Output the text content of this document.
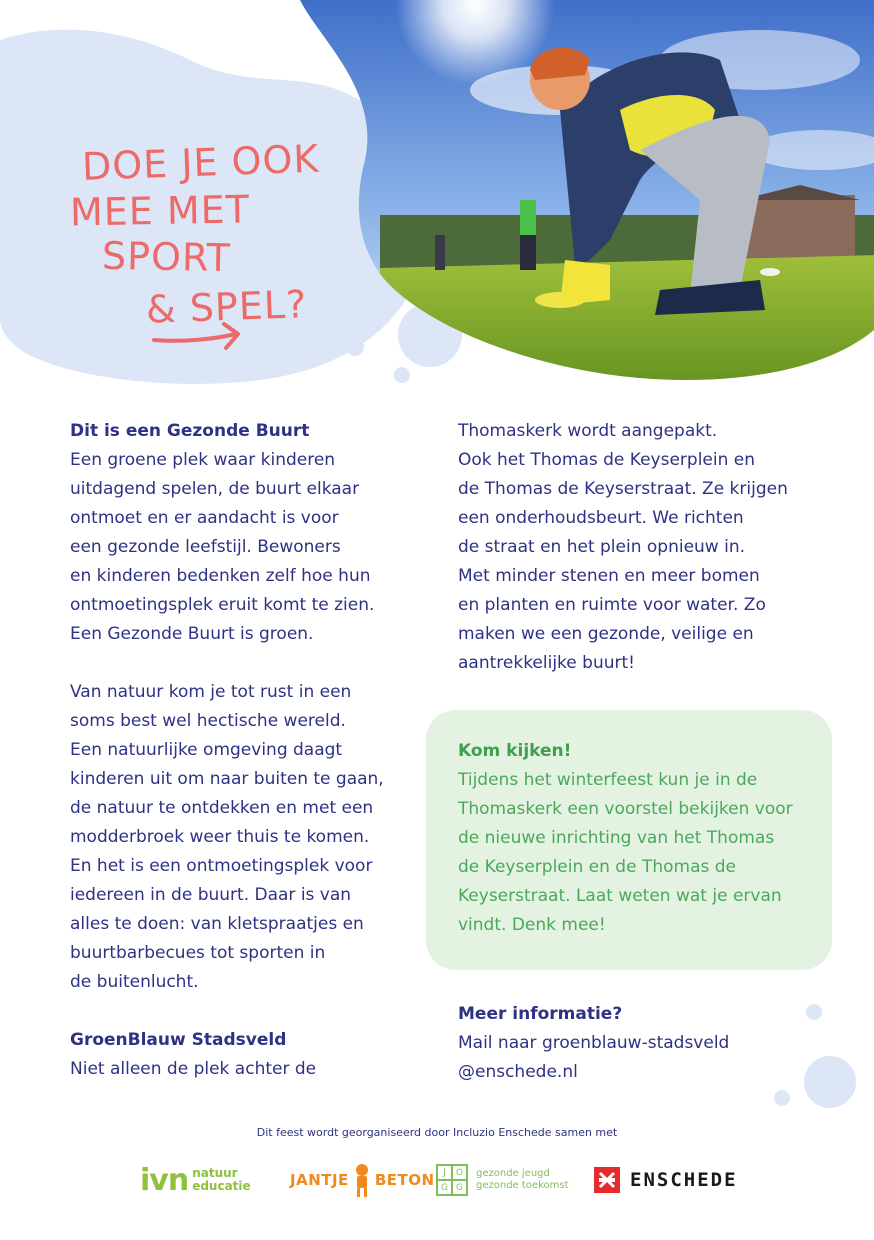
DOE JE OOK
MEE MET
SPORT
& SPEL?
Dit is een Gezonde Buurt

Een groene plek waar kinderen

uitdagend spelen, de buurt elkaar

ontmoet en er aandacht is voor

een gezonde leefstijl. Bewoners

en kinderen bedenken zelf hoe hun

ontmoetingsplek eruit komt te zien.

Een Gezonde Buurt is groen.

Van natuur kom je tot rust in een

soms best wel hectische wereld.

Een natuurlijke omgeving daagt

kinderen uit om naar buiten te gaan,

de natuur te ontdekken en met een

modderbroek weer thuis te komen.

En het is een ontmoetingsplek voor

iedereen in de buurt. Daar is van

alles te doen: van kletspraatjes en

buurtbarbecues tot sporten in

de buitenlucht.

GroenBlauw Stadsveld

Niet alleen de plek achter de

Thomaskerk wordt aangepakt.

Ook het Thomas de Keyserplein en

de Thomas de Keyserstraat. Ze krijgen

een onderhoudsbeurt. We richten

de straat en het plein opnieuw in.

Met minder stenen en meer bomen

en planten en ruimte voor water. Zo

maken we een gezonde, veilige en

aantrekkelijke buurt!

Kom kijken!

Tijdens het winterfeest kun je in de

Thomaskerk een voorstel bekijken voor

de nieuwe inrichting van het Thomas

de Keyserplein en de Thomas de

Keyserstraat. Laat weten wat je ervan

vindt. Denk mee!

Meer informatie?

Mail naar groenblauw-stadsveld

@enschede.nl

Dit feest wordt georganiseerd door Incluzio Enschede samen met
ivn natuur
educatie	JANTJE BETON J	O
G G
gezonde jeugd
gezonde toekomst	ENSCHEDE
